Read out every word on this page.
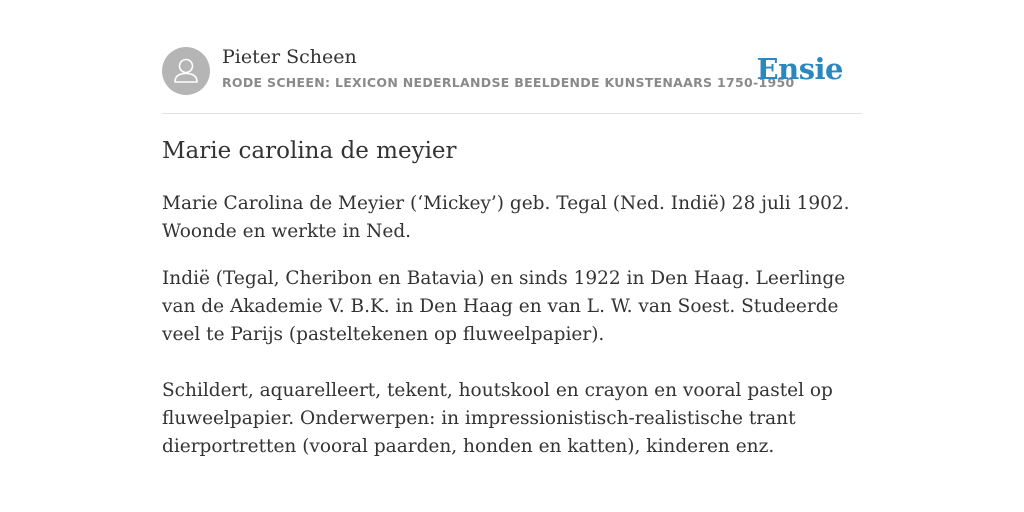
Pieter Scheen
RODE SCHEEN: LEXICON NEDERLANDSE BEELDENDE KUNSTENAARS 1750-1950
Ensie
Marie carolina de meyier

Marie Carolina de Meyier (‘Mickey’) geb. Tegal (Ned. Indië) 28 juli 1902. Woonde en werkte in Ned.

Indië (Tegal, Cheribon en Batavia) en sinds 1922 in Den Haag. Leerlinge van de Akademie V. B.K. in Den Haag en van L. W. van Soest. Studeerde veel te Parijs (pasteltekenen op fluweelpapier).

Schildert, aquarelleert, tekent, houtskool en crayon en vooral pastel op fluweelpapier. Onderwerpen: in impressionistisch-realistische trant dierportretten (vooral paarden, honden en katten), kinderen enz.
